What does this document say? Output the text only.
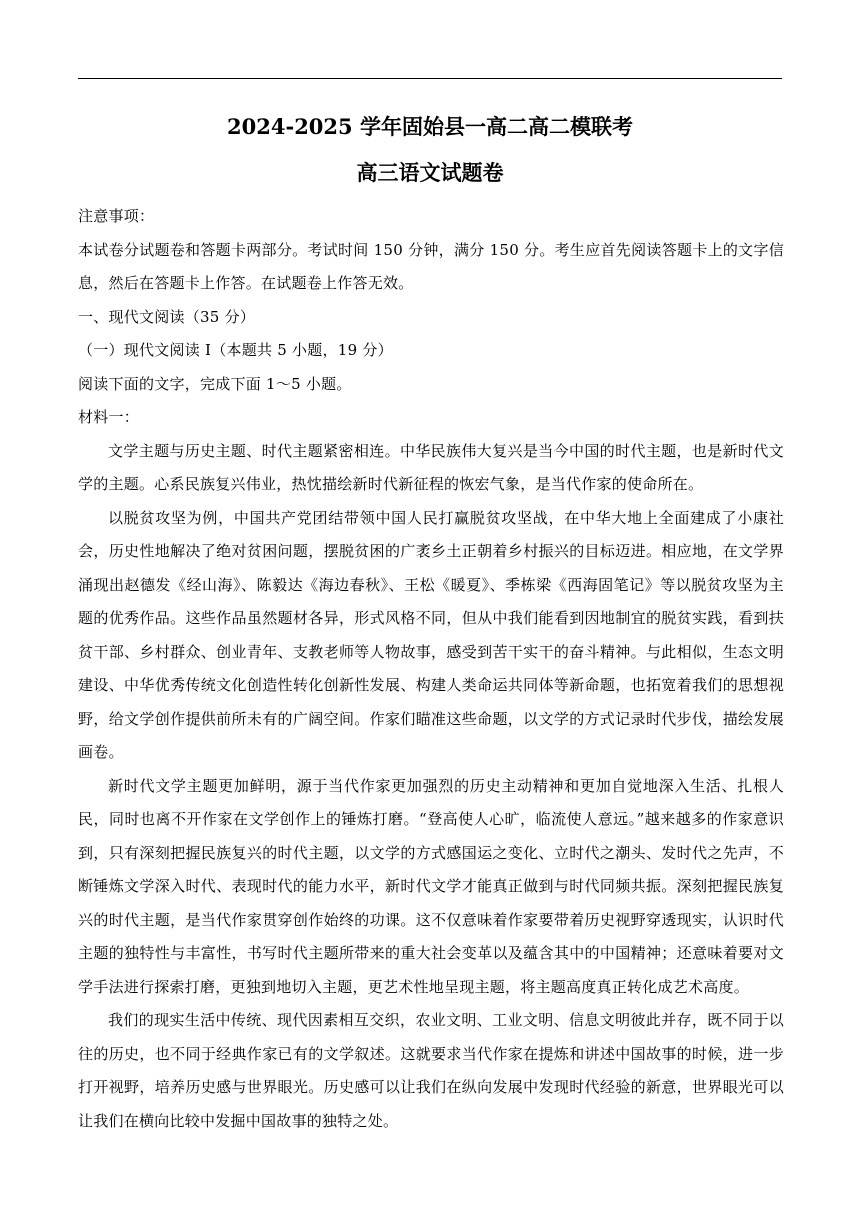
2024-2025 学年固始县一高二高二模联考
高三语文试题卷

注意事项：

本试卷分试题卷和答题卡两部分。考试时间 150 分钟，满分 150 分。考生应首先阅读答题卡上的文字信息，然后在答题卡上作答。在试题卷上作答无效。

一、现代文阅读（35 分）

（一）现代文阅读 I（本题共 5 小题，19 分）

阅读下面的文字，完成下面 1～5 小题。

材料一：

文学主题与历史主题、时代主题紧密相连。中华民族伟大复兴是当今中国的时代主题，也是新时代文学的主题。心系民族复兴伟业，热忱描绘新时代新征程的恢宏气象，是当代作家的使命所在。

以脱贫攻坚为例，中国共产党团结带领中国人民打赢脱贫攻坚战，在中华大地上全面建成了小康社会，历史性地解决了绝对贫困问题，摆脱贫困的广袤乡土正朝着乡村振兴的目标迈进。相应地，在文学界涌现出赵德发《经山海》、陈毅达《海边春秋》、王松《暖夏》、季栋梁《西海固笔记》等以脱贫攻坚为主题的优秀作品。这些作品虽然题材各异，形式风格不同，但从中我们能看到因地制宜的脱贫实践，看到扶贫干部、乡村群众、创业青年、支教老师等人物故事，感受到苦干实干的奋斗精神。与此相似，生态文明建设、中华优秀传统文化创造性转化创新性发展、构建人类命运共同体等新命题，也拓宽着我们的思想视野，给文学创作提供前所未有的广阔空间。作家们瞄准这些命题，以文学的方式记录时代步伐，描绘发展画卷。

新时代文学主题更加鲜明，源于当代作家更加强烈的历史主动精神和更加自觉地深入生活、扎根人民，同时也离不开作家在文学创作上的锤炼打磨。“登高使人心旷，临流使人意远。”越来越多的作家意识到，只有深刻把握民族复兴的时代主题，以文学的方式感国运之变化、立时代之潮头、发时代之先声，不断锤炼文学深入时代、表现时代的能力水平，新时代文学才能真正做到与时代同频共振。深刻把握民族复兴的时代主题，是当代作家贯穿创作始终的功课。这不仅意味着作家要带着历史视野穿透现实，认识时代主题的独特性与丰富性，书写时代主题所带来的重大社会变革以及蕴含其中的中国精神；还意味着要对文学手法进行探索打磨，更独到地切入主题，更艺术性地呈现主题，将主题高度真正转化成艺术高度。

我们的现实生活中传统、现代因素相互交织，农业文明、工业文明、信息文明彼此并存，既不同于以往的历史，也不同于经典作家已有的文学叙述。这就要求当代作家在提炼和讲述中国故事的时候，进一步打开视野，培养历史感与世界眼光。历史感可以让我们在纵向发展中发现时代经验的新意，世界眼光可以让我们在横向比较中发掘中国故事的独特之处。
